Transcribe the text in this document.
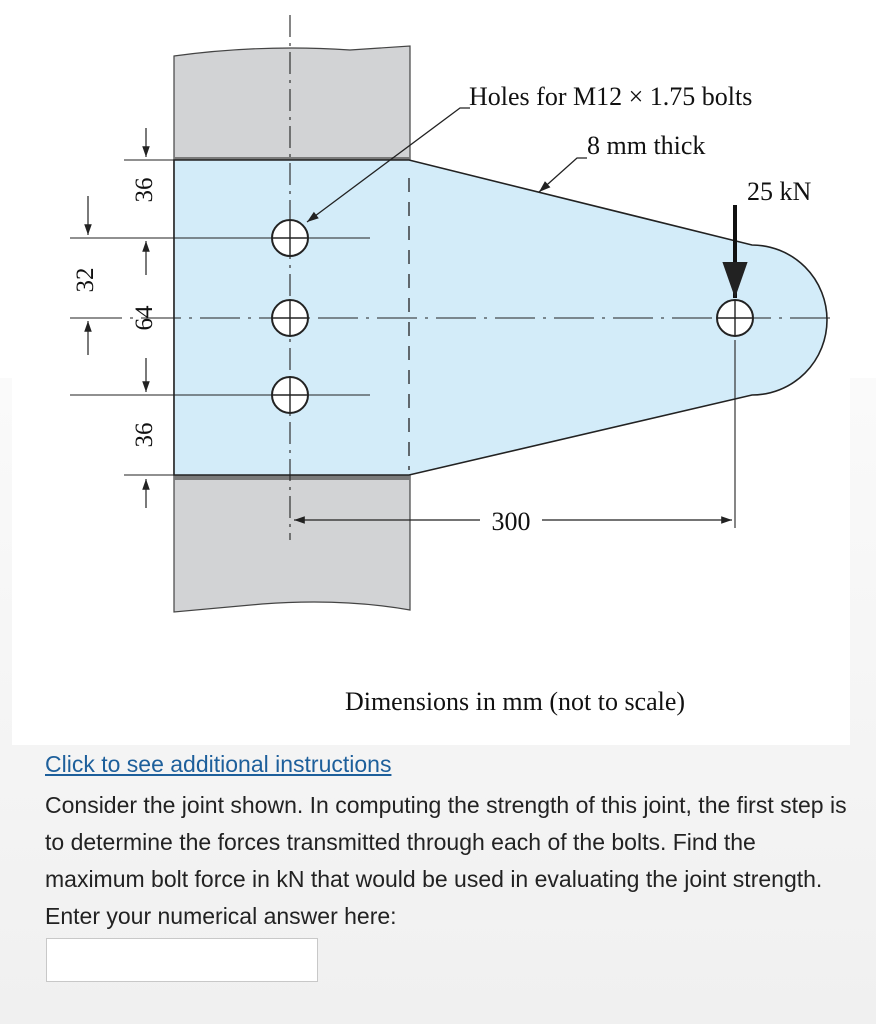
Holes for M12 × 1.75 bolts
8 mm thick
25 kN
36
64
36
32
300
Dimensions in mm (not to scale)
Click to see additional instructions

Consider the joint shown. In computing the strength of this joint, the first step is to determine the forces transmitted through each of the bolts. Find the maximum bolt force in kN that would be used in evaluating the joint strength. Enter your numerical answer here:
